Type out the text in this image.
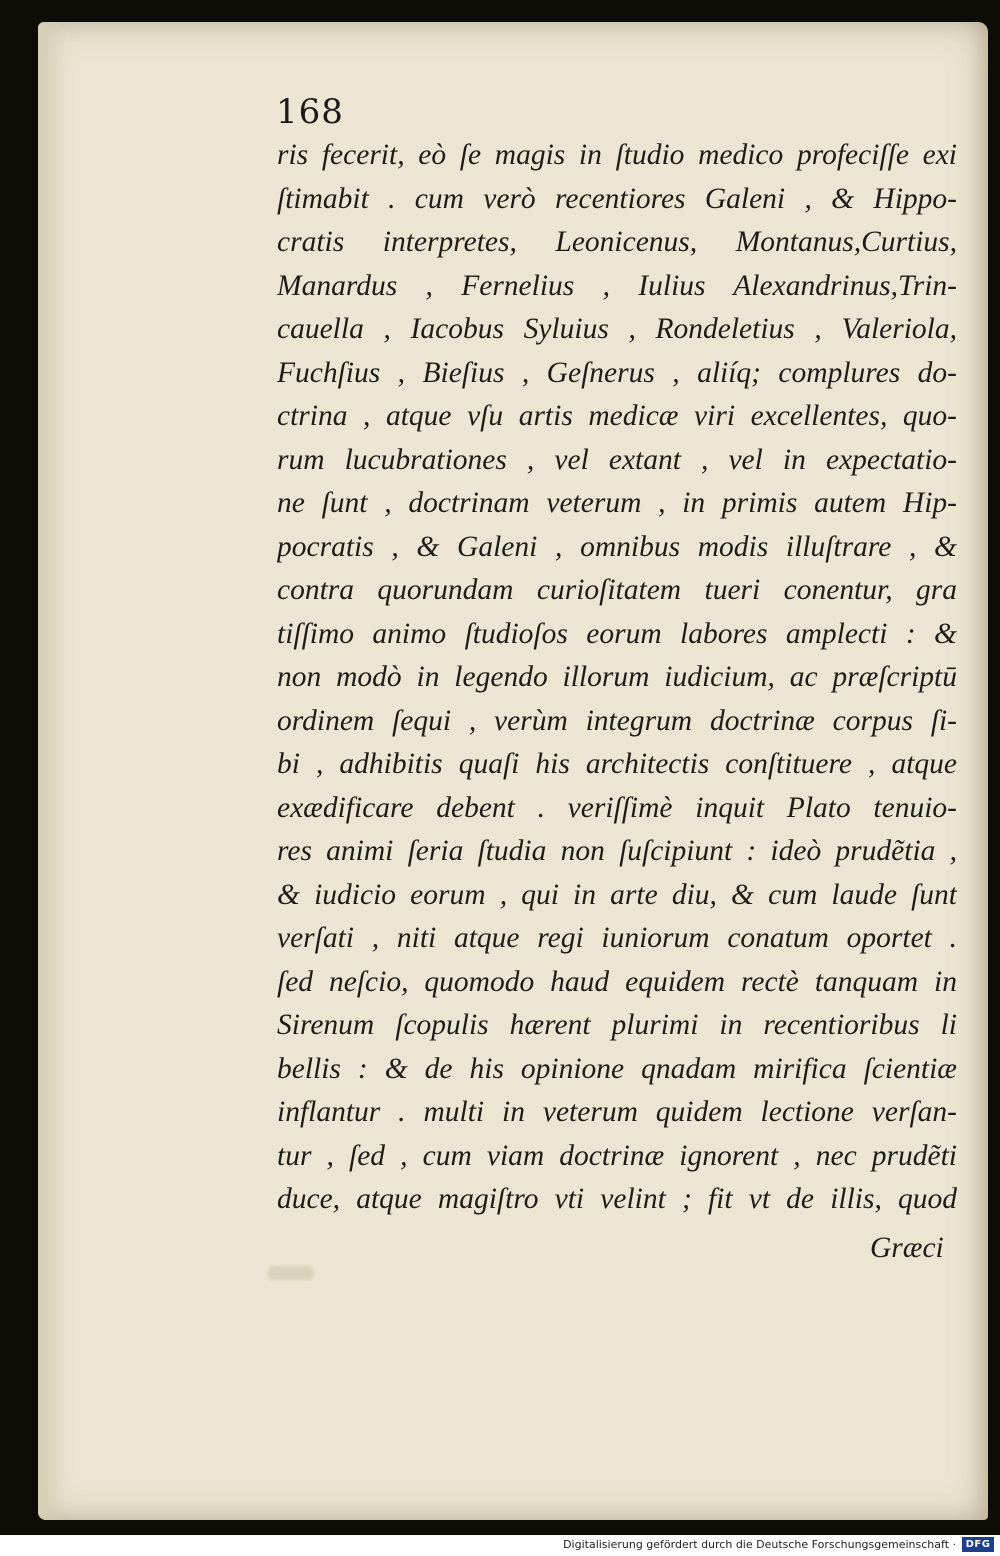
168
ris fecerit, eò ſe magis in ſtudio medico profeciſſe exi
ſtimabit . cum verò recentiores Galeni , & Hippo-
cratis interpretes, Leonicenus, Montanus,Curtius,
Manardus , Fernelius , Iulius Alexandrinus,Trin-
cauella , Iacobus Syluius , Rondeletius , Valeriola,
Fuchſius , Bieſius , Geſnerus , aliíq; complures do-
ctrina , atque vſu artis medicæ viri excellentes, quo-
rum lucubrationes , vel extant , vel in expectatio-
ne ſunt , doctrinam veterum , in primis autem Hip-
pocratis , & Galeni , omnibus modis illuſtrare , &
contra quorundam curioſitatem tueri conentur, gra
tiſſimo animo ſtudioſos eorum labores amplecti : &
non modò in legendo illorum iudicium, ac præſcriptū
ordinem ſequi , verùm integrum doctrinæ corpus ſi-
bi , adhibitis quaſi his architectis conſtituere , atque
exædificare debent . veriſſimè inquit Plato tenuio-
res animi ſeria ſtudia non ſuſcipiunt : ideò prudẽtia ,
& iudicio eorum , qui in arte diu, & cum laude ſunt
verſati , niti atque regi iuniorum conatum oportet .
ſed neſcio, quomodo haud equidem rectè tanquam in
Sirenum ſcopulis hærent plurimi in recentioribus li
bellis : & de his opinione qnadam mirifica ſcientiæ
inflantur . multi in veterum quidem lectione verſan-
tur , ſed , cum viam doctrinæ ignorent , nec prudẽti
duce, atque magiſtro vti velint ; fit vt de illis, quod
Græci
Digitalisierung gefördert durch die Deutsche Forschungsgemeinschaft · DFG
